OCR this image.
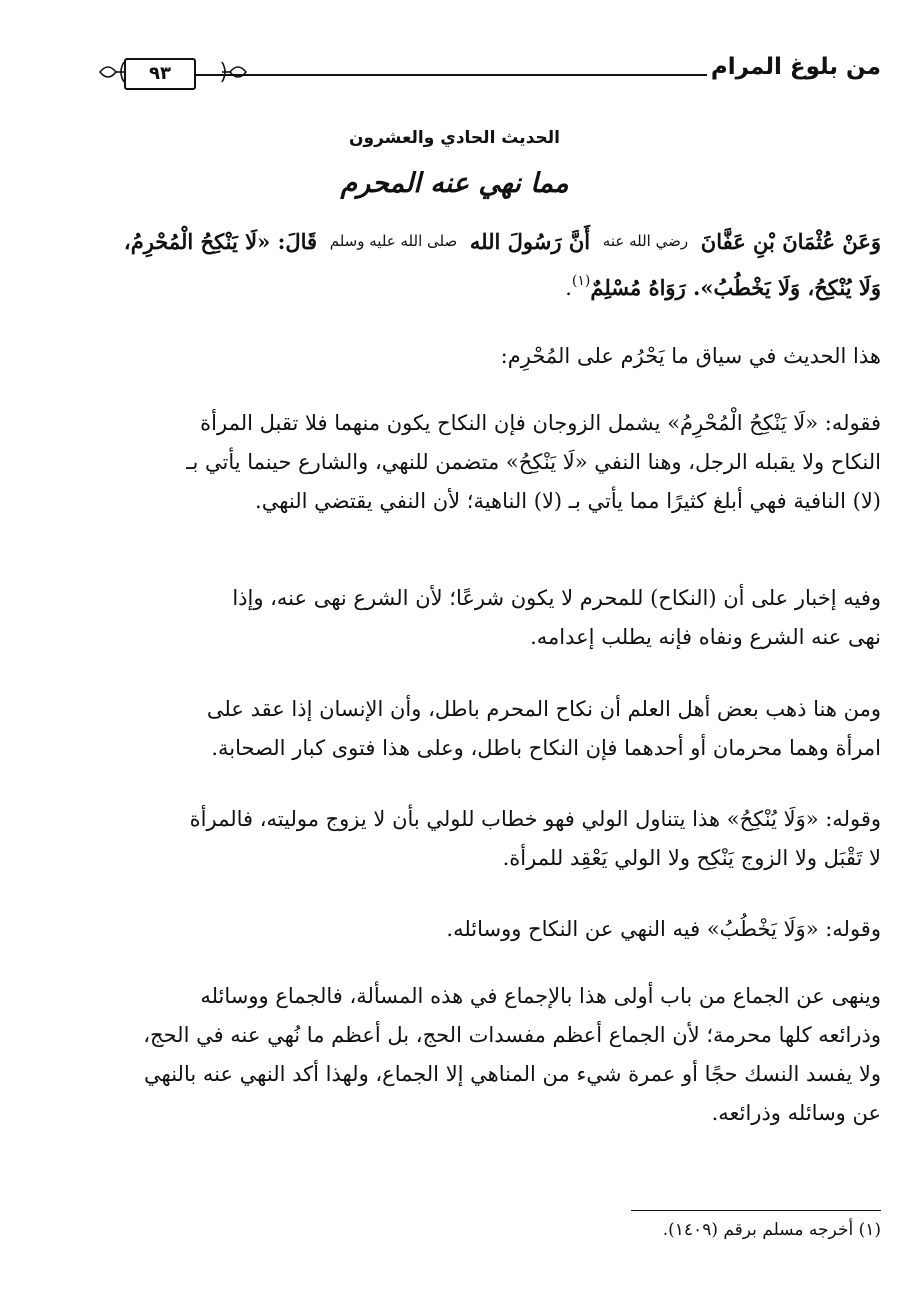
من بلوغ المرام
٩٣
الحديث الحادي والعشرون
مما نهي عنه المحرم
وَعَنْ عُثْمَانَ بْنِ عَفَّانَ رضي الله عنه أَنَّ رَسُولَ الله صلى الله عليه وسلم قَالَ: «لَا يَنْكِحُ الْمُحْرِمُ،
وَلَا يُنْكِحُ، وَلَا يَخْطُبُ». رَوَاهُ مُسْلِمٌ$^{(١)}$.
هذا الحديث في سياق ما يَحْرُم على المُحْرِم:
فقوله: «لَا يَنْكِحُ الْمُحْرِمُ» يشمل الزوجان فإن النكاح يكون منهما فلا تقبل المرأة
النكاح ولا يقبله الرجل، وهنا النفي «لَا يَنْكِحُ» متضمن للنهي، والشارع حينما يأتي بـ
(لا) النافية فهي أبلغ كثيرًا مما يأتي بـ (لا) الناهية؛ لأن النفي يقتضي النهي.
وفيه إخبار على أن (النكاح) للمحرم لا يكون شرعًا؛ لأن الشرع نهى عنه، وإذا
نهى عنه الشرع ونفاه فإنه يطلب إعدامه.
ومن هنا ذهب بعض أهل العلم أن نكاح المحرم باطل، وأن الإنسان إذا عقد على
امرأة وهما محرمان أو أحدهما فإن النكاح باطل، وعلى هذا فتوى كبار الصحابة.
وقوله: «وَلَا يُنْكِحُ» هذا يتناول الولي فهو خطاب للولي بأن لا يزوج موليته، فالمرأة
لا تَقْبَل ولا الزوج يَنْكِح ولا الولي يَعْقِد للمرأة.
وقوله: «وَلَا يَخْطُبُ» فيه النهي عن النكاح ووسائله.
وينهى عن الجماع من باب أولى هذا بالإجماع في هذه المسألة، فالجماع ووسائله
وذرائعه كلها محرمة؛ لأن الجماع أعظم مفسدات الحج، بل أعظم ما نُهي عنه في الحج،
ولا يفسد النسك حجًا أو عمرة شيء من المناهي إلا الجماع، ولهذا أكد النهي عنه بالنهي
عن وسائله وذرائعه.
(١) أخرجه مسلم برقم (١٤٠٩).
